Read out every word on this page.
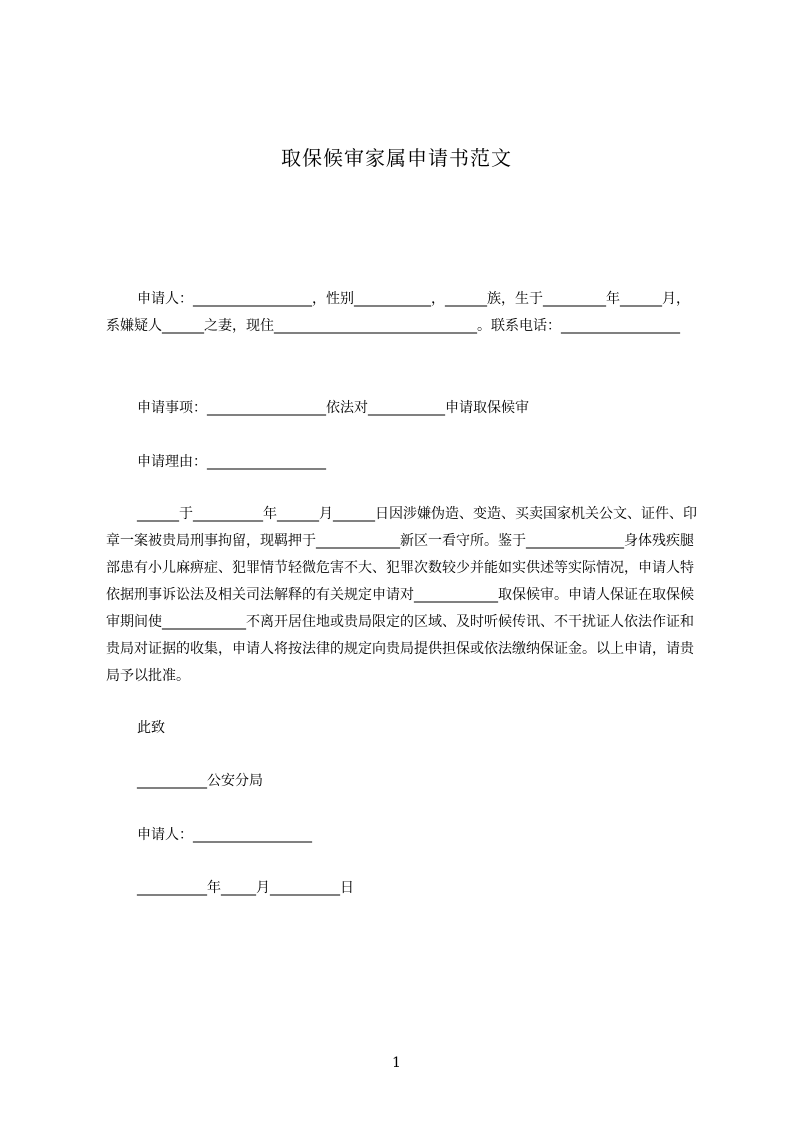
取保候审家属申请书范文
申请人：_________________，性别___________，______族，生于_________年______月，系嫌疑人______之妻，现住_____________________________。联系电话：_________________
申请事项：_________________依法对___________申请取保候审
申请理由：_________________
______于__________年______月______日因涉嫌伪造、变造、买卖国家机关公文、证件、印章一案被贵局刑事拘留，现羁押于____________新区一看守所。鉴于______________身体残疾腿部患有小儿麻痹症、犯罪情节轻微危害不大、犯罪次数较少并能如实供述等实际情况，申请人特依据刑事诉讼法及相关司法解释的有关规定申请对____________取保候审。申请人保证在取保候审期间使____________不离开居住地或贵局限定的区域、及时听候传讯、不干扰证人依法作证和贵局对证据的收集，申请人将按法律的规定向贵局提供担保或依法缴纳保证金。以上申请，请贵局予以批准。
此致
__________公安分局
申请人：_________________
__________年_____月__________日
1
